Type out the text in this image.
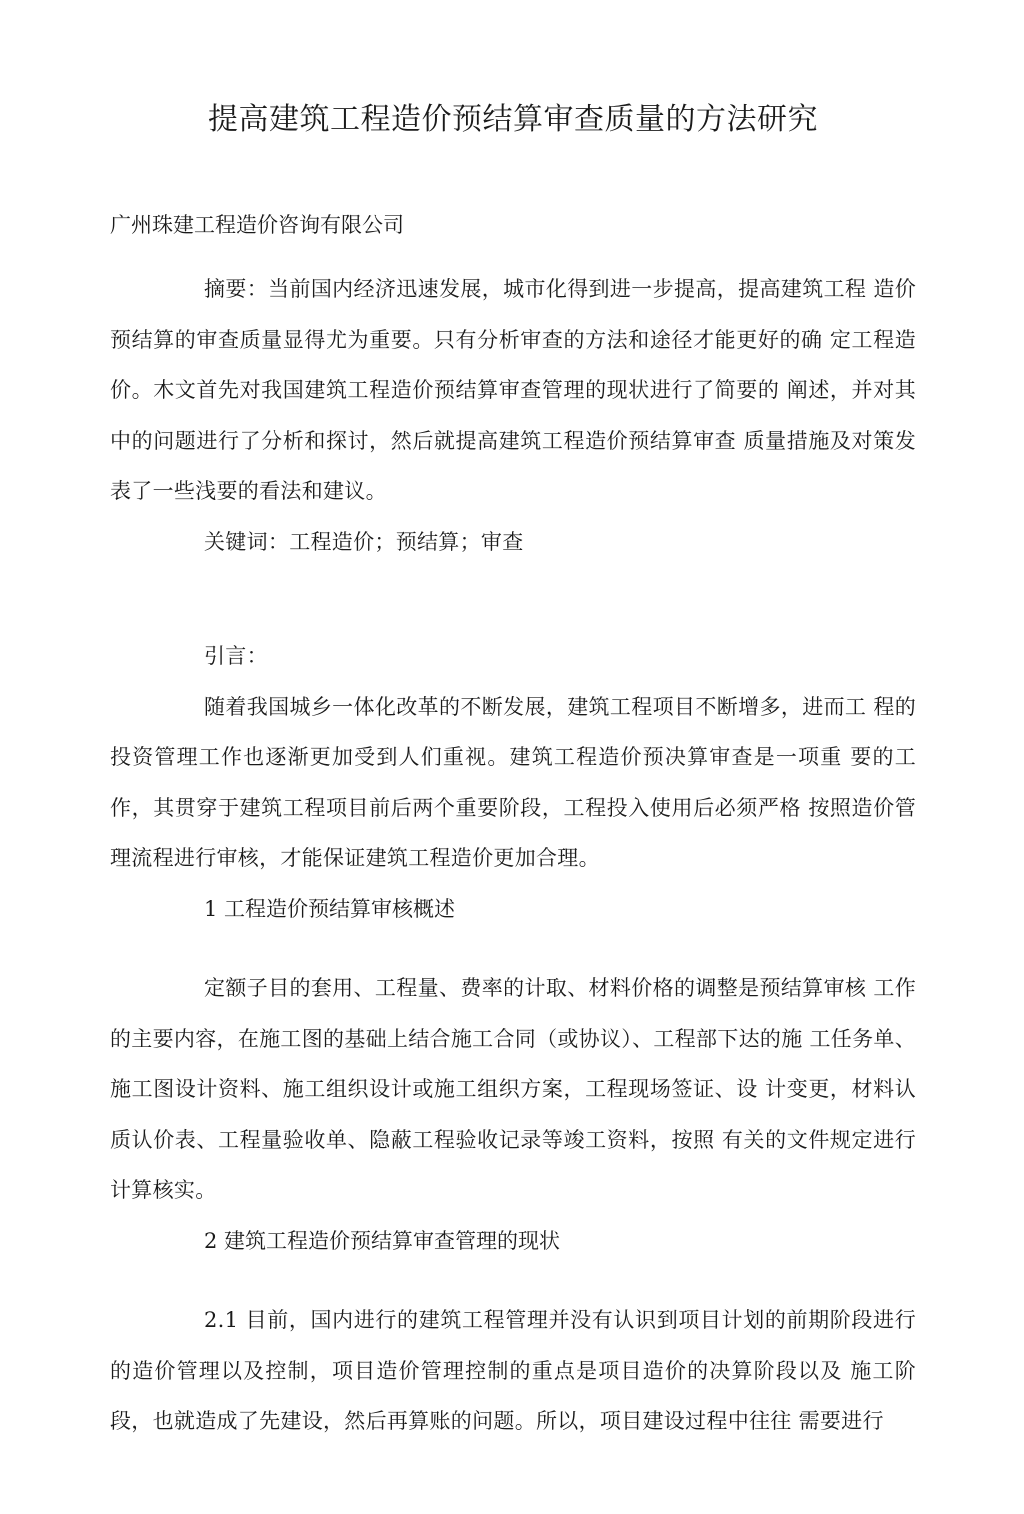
提高建筑工程造价预结算审查质量的方法研究

广州珠建工程造价咨询有限公司

摘要：当前国内经济迅速发展，城市化得到进一步提高，提高建筑工程 造价预结算的审查质量显得尤为重要。只有分析审查的方法和途径才能更好的确 定工程造价。木文首先对我国建筑工程造价预结算审查管理的现状进行了简要的 阐述，并对其中的问题进行了分析和探讨，然后就提高建筑工程造价预结算审查 质量措施及对策发表了一些浅要的看法和建议。

关键词：工程造价；预结算；审查

引言：

随着我国城乡一体化改革的不断发展，建筑工程项目不断增多，进而工 程的投资管理工作也逐渐更加受到人们重视。建筑工程造价预决算审查是一项重 要的工作，其贯穿于建筑工程项目前后两个重要阶段，工程投入使用后必须严格 按照造价管理流程进行审核，才能保证建筑工程造价更加合理。

1 工程造价预结算审核概述

定额子目的套用、工程量、费率的计取、材料价格的调整是预结算审核 工作的主要内容，在施工图的基础上结合施工合同（或协议）、工程部下达的施 工任务单、施工图设计资料、施工组织设计或施工组织方案，工程现场签证、设 计变更，材料认质认价表、工程量验收单、隐蔽工程验收记录等竣工资料，按照 有关的文件规定进行计算核实。

2 建筑工程造价预结算审查管理的现状

2.1 目前，国内进行的建筑工程管理并没有认识到项目计划的前期阶段进行的造价管理以及控制，项目造价管理控制的重点是项目造价的决算阶段以及 施工阶段，也就造成了先建设，然后再算账的问题。所以，项目建设过程中往往 需要进行
